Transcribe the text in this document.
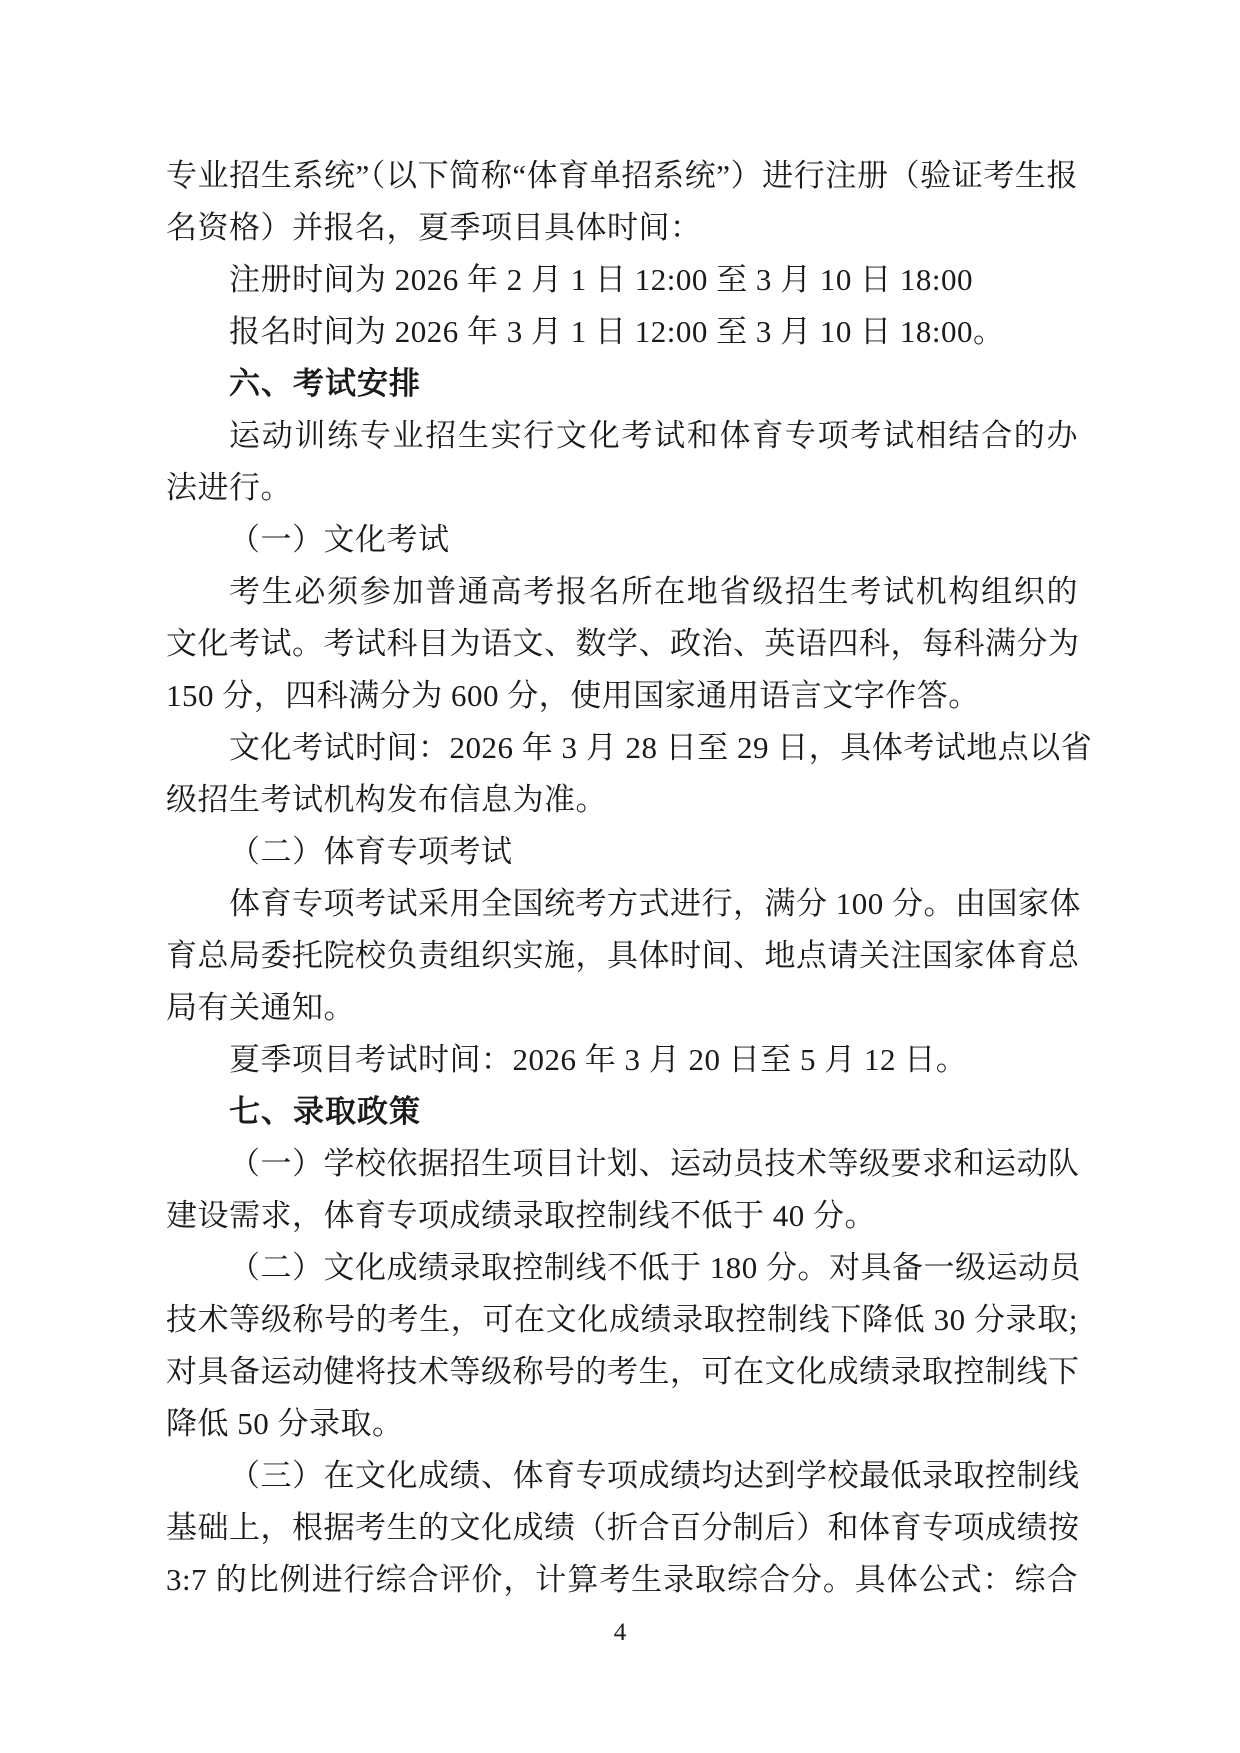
专业招生系统”（以下简称“体育单招系统”）进行注册（验证考生报
名资格）并报名，夏季项目具体时间：
注册时间为 2026 年 2 月 1 日 12:00 至 3 月 10 日 18:00
报名时间为 2026 年 3 月 1 日 12:00 至 3 月 10 日 18:00。
六、考试安排
运动训练专业招生实行文化考试和体育专项考试相结合的办
法进行。
（一）文化考试
考生必须参加普通高考报名所在地省级招生考试机构组织的
文化考试。考试科目为语文、数学、政治、英语四科，每科满分为
150 分，四科满分为 600 分，使用国家通用语言文字作答。
文化考试时间：2026 年 3 月 28 日至 29 日，具体考试地点以省
级招生考试机构发布信息为准。
（二）体育专项考试
体育专项考试采用全国统考方式进行，满分 100 分。由国家体
育总局委托院校负责组织实施，具体时间、地点请关注国家体育总
局有关通知。
夏季项目考试时间：2026 年 3 月 20 日至 5 月 12 日。
七、录取政策
（一）学校依据招生项目计划、运动员技术等级要求和运动队
建设需求，体育专项成绩录取控制线不低于 40 分。
（二）文化成绩录取控制线不低于 180 分。对具备一级运动员
技术等级称号的考生，可在文化成绩录取控制线下降低 30 分录取;
对具备运动健将技术等级称号的考生，可在文化成绩录取控制线下
降低 50 分录取。
（三）在文化成绩、体育专项成绩均达到学校最低录取控制线
基础上，根据考生的文化成绩（折合百分制后）和体育专项成绩按
3:7 的比例进行综合评价，计算考生录取综合分。具体公式：综合
4
